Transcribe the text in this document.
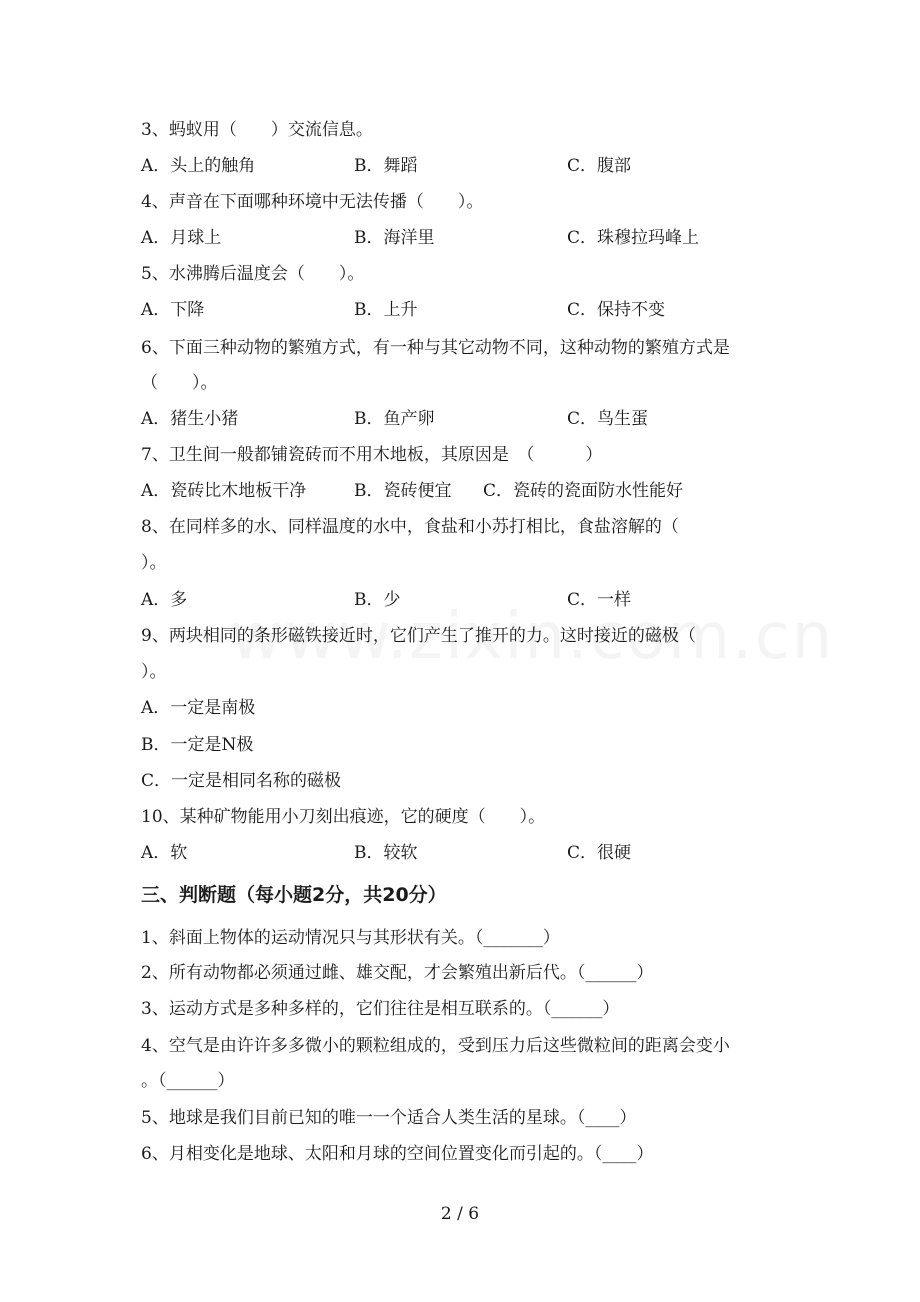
3、蚂蚁用（　　）交流信息。
A．头上的触角	B．舞蹈	C．腹部
4、声音在下面哪种环境中无法传播（　　）。
A．月球上	B．海洋里	C．珠穆拉玛峰上
5、水沸腾后温度会（　　）。
A．下降	B．上升	C．保持不变
6、下面三种动物的繁殖方式，有一种与其它动物不同，这种动物的繁殖方式是
（　　）。
A．猪生小猪	B．鱼产卵	C．鸟生蛋
7、卫生间一般都铺瓷砖而不用木地板，其原因是　（　　　）
A．瓷砖比木地板干净	B．瓷砖便宜 C．瓷砖的瓷面防水性能好
8、在同样多的水、同样温度的水中，食盐和小苏打相比，食盐溶解的（
）。
A．多	B．少	C．一样
9、两块相同的条形磁铁接近时，它们产生了推开的力。这时接近的磁极（
）。
A．一定是南极
B．一定是N极
C．一定是相同名称的磁极
10、某种矿物能用小刀刻出痕迹，它的硬度（　　）。
A．软	B．较软	C．很硬
三、判断题（每小题2分，共20分）
1、斜面上物体的运动情况只与其形状有关。（_______）
2、所有动物都必须通过雌、雄交配，才会繁殖出新后代。（______）
3、运动方式是多种多样的，它们往往是相互联系的。（______）
4、空气是由许许多多微小的颗粒组成的，受到压力后这些微粒间的距离会变小
。（______）
5、地球是我们目前已知的唯一一个适合人类生活的星球。（____）
6、月相变化是地球、太阳和月球的空间位置变化而引起的。（____）
2 / 6
